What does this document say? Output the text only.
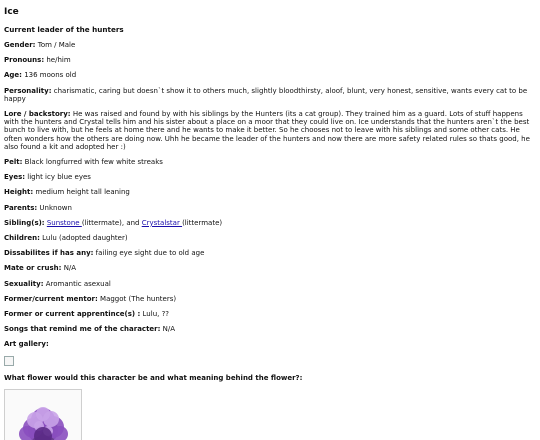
Ice
Current leader of the hunters
Gender: Tom / Male
Pronouns: he/him
Age: 136 moons old
Personality: charismatic, caring but doesn`t show it to others much, slightly bloodthirsty, aloof, blunt, very honest, sensitive, wants every cat to be happy
Lore / backstory: He was raised and found by with his siblings by the Hunters (its a cat group). They trained him as a guard. Lots of stuff happens with the hunters and Crystal tells him and his sister about a place on a moor that they could live on. Ice understands that the hunters aren`t the best bunch to live with, but he feels at home there and he wants to make it better. So he chooses not to leave with his siblings and some other cats. He often wonders how the others are doing now. Uhh he became the leader of the hunters and now there are more safety related rules so thats good, he also found a kit and adopted her :)
Pelt: Black longfurred with few white streaks
Eyes: light icy blue eyes
Height: medium height tall leaning
Parents: Unknown
Sibling(s): Sunstone (littermate), and Crystalstar (littermate)
Children: Lulu (adopted daughter)
Dissabilites if has any: failing eye sight due to old age
Mate or crush: N/A
Sexuality: Aromantic asexual
Former/current mentor: Maggot (The hunters)
Former or current apprentince(s) : Lulu, ??
Songs that remind me of the character: N/A
Art gallery:
What flower would this character be and what meaning behind the flower?:
